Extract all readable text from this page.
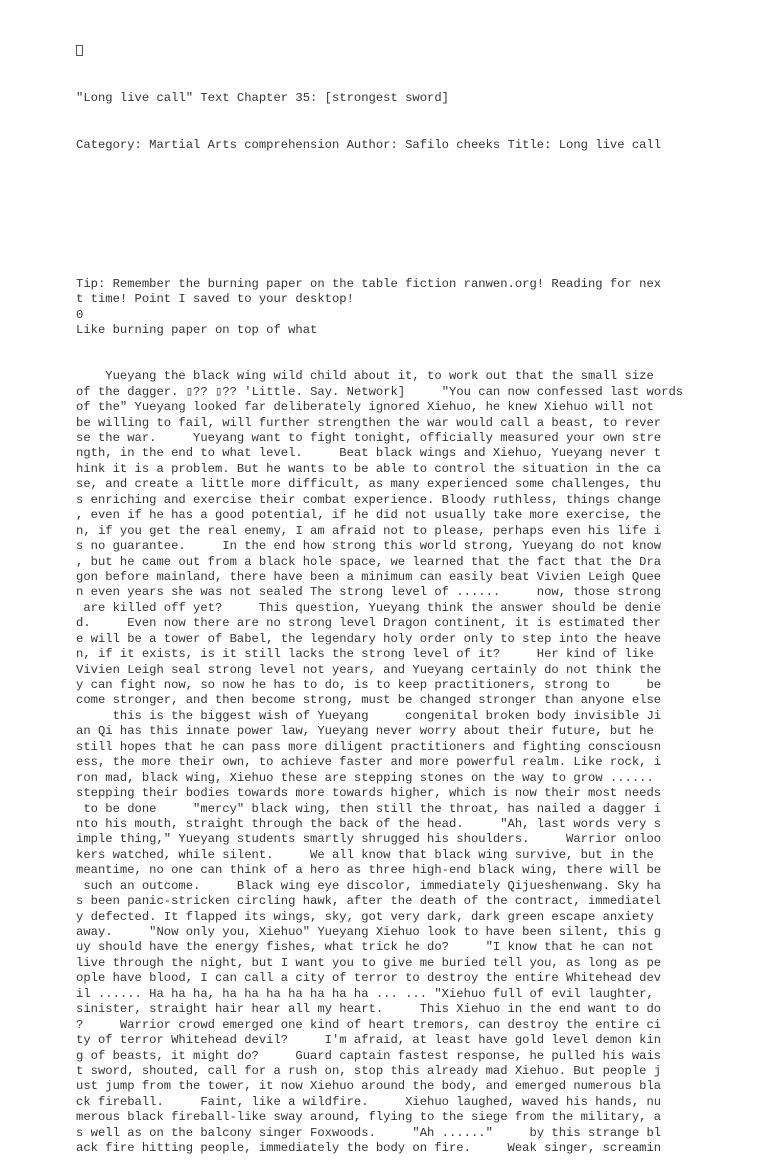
"Long live call" Text Chapter 35: [strongest sword]

Category: Martial Arts comprehension Author: Safilo cheeks Title: Long live call

Tip: Remember the burning paper on the table fiction ranwen.org! Reading for nex
t time! Point I saved to your desktop!
0
Like burning paper on top of what

Yueyang the black wing wild child about it, to work out that the small size
of the dagger. ▯?? ▯?? 'Little. Say. Network]     "You can now confessed last words
of the" Yueyang looked far deliberately ignored Xiehuo, he knew Xiehuo will not
be willing to fail, will further strengthen the war would call a beast, to rever
se the war.     Yueyang want to fight tonight, officially measured your own stre
ngth, in the end to what level.     Beat black wings and Xiehuo, Yueyang never t
hink it is a problem. But he wants to be able to control the situation in the ca
se, and create a little more difficult, as many experienced some challenges, thu
s enriching and exercise their combat experience. Bloody ruthless, things change
, even if he has a good potential, if he did not usually take more exercise, the
n, if you get the real enemy, I am afraid not to please, perhaps even his life i
s no guarantee.     In the end how strong this world strong, Yueyang do not know
, but he came out from a black hole space, we learned that the fact that the Dra
gon before mainland, there have been a minimum can easily beat Vivien Leigh Quee
n even years she was not sealed The strong level of ......     now, those strong
are killed off yet?     This question, Yueyang think the answer should be denie
d.     Even now there are no strong level Dragon continent, it is estimated ther
e will be a tower of Babel, the legendary holy order only to step into the heave
n, if it exists, is it still lacks the strong level of it?     Her kind of like
Vivien Leigh seal strong level not years, and Yueyang certainly do not think the
y can fight now, so now he has to do, is to keep practitioners, strong to     be
come stronger, and then become strong, must be changed stronger than anyone else
this is the biggest wish of Yueyang     congenital broken body invisible Ji
an Qi has this innate power law, Yueyang never worry about their future, but he
still hopes that he can pass more diligent practitioners and fighting consciousn
ess, the more their own, to achieve faster and more powerful realm. Like rock, i
ron mad, black wing, Xiehuo these are stepping stones on the way to grow ......
stepping their bodies towards more towards higher, which is now their most needs
to be done     "mercy" black wing, then still the throat, has nailed a dagger i
nto his mouth, straight through the back of the head.     "Ah, last words very s
imple thing," Yueyang students smartly shrugged his shoulders.     Warrior onloo
kers watched, while silent.     We all know that black wing survive, but in the
meantime, no one can think of a hero as three high-end black wing, there will be
such an outcome.     Black wing eye discolor, immediately Qijueshenwang. Sky ha
s been panic-stricken circling hawk, after the death of the contract, immediatel
y defected. It flapped its wings, sky, got very dark, dark green escape anxiety
away.     "Now only you, Xiehuo" Yueyang Xiehuo look to have been silent, this g
uy should have the energy fishes, what trick he do?     "I know that he can not
live through the night, but I want you to give me buried tell you, as long as pe
ople have blood, I can call a city of terror to destroy the entire Whitehead dev
il ...... Ha ha ha, ha ha ha ha ha ha ha ... ... "Xiehuo full of evil laughter,
sinister, straight hair hear all my heart.     This Xiehuo in the end want to do
?     Warrior crowd emerged one kind of heart tremors, can destroy the entire ci
ty of terror Whitehead devil?     I'm afraid, at least have gold level demon kin
g of beasts, it might do?     Guard captain fastest response, he pulled his wais
t sword, shouted, call for a rush on, stop this already mad Xiehuo. But people j
ust jump from the tower, it now Xiehuo around the body, and emerged numerous bla
ck fireball.     Faint, like a wildfire.     Xiehuo laughed, waved his hands, nu
merous black fireball-like sway around, flying to the siege from the military, a
s well as on the balcony singer Foxwoods.     "Ah ......"     by this strange bl
ack fire hitting people, immediately the body on fire.     Weak singer, screamin
